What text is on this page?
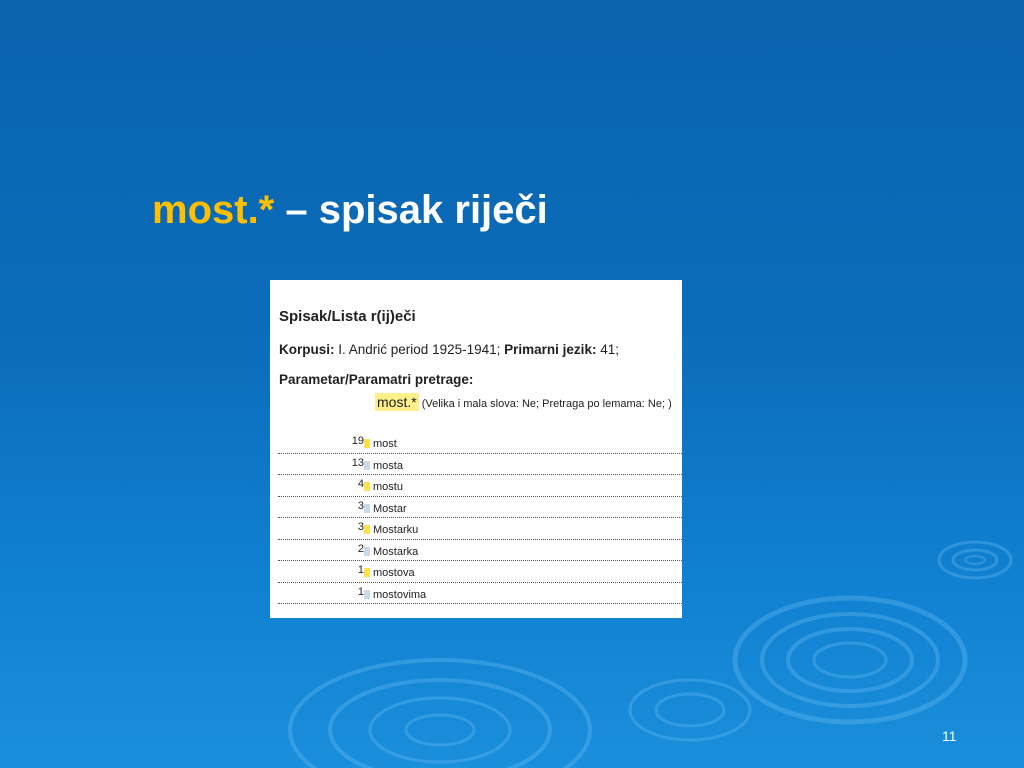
most.* – spisak riječi
Spisak/Lista r(ij)eči
Korpusi: I. Andrić period 1925-1941; Primarni jezik: 41;
Parametar/Paramatri pretrage:
most.* (Velika i mala slova: Ne; Pretraga po lemama: Ne; )
19 most
13 mosta
4 mostu
3 Mostar
3 Mostarku
2 Mostarka
1 mostova
1 mostovima
11
